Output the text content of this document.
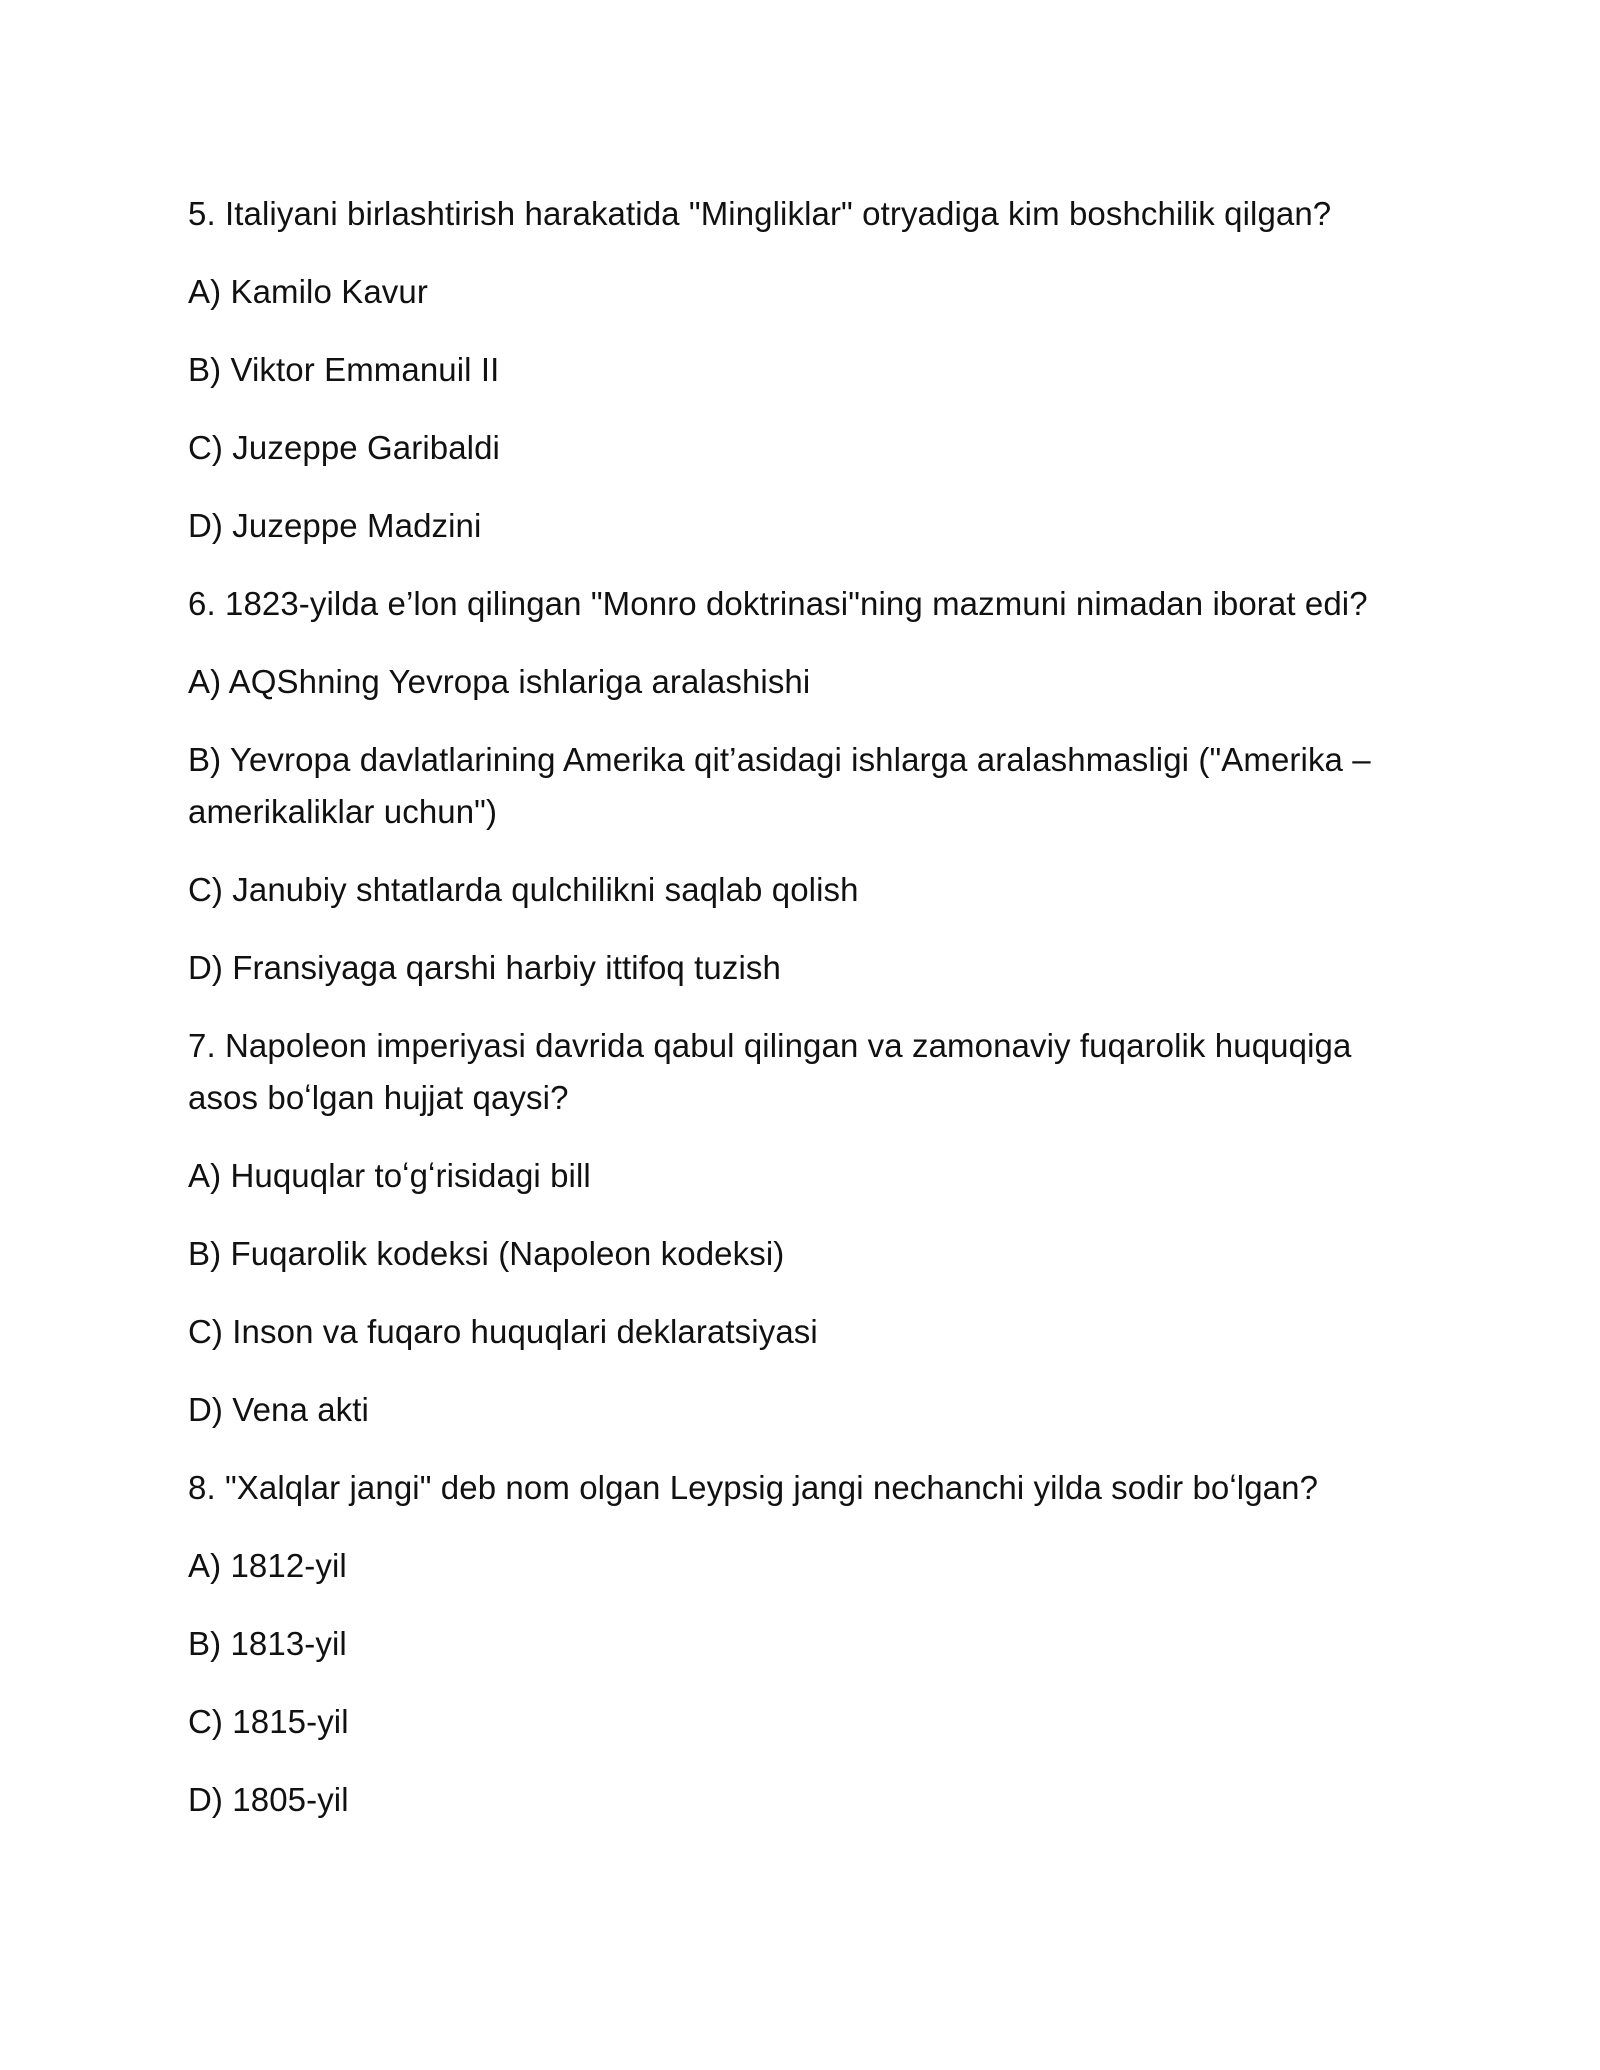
5. Italiyani birlashtirish harakatida "Mingliklar" otryadiga kim boshchilik qilgan?

A) Kamilo Kavur

B) Viktor Emmanuil II

C) Juzeppe Garibaldi

D) Juzeppe Madzini

6. 1823-yilda e’lon qilingan "Monro doktrinasi"ning mazmuni nimadan iborat edi?

A) AQShning Yevropa ishlariga aralashishi

B) Yevropa davlatlarining Amerika qit’asidagi ishlarga aralashmasligi ("Amerika – amerikaliklar uchun")

C) Janubiy shtatlarda qulchilikni saqlab qolish

D) Fransiyaga qarshi harbiy ittifoq tuzish

7. Napoleon imperiyasi davrida qabul qilingan va zamonaviy fuqarolik huquqiga asos boʻlgan hujjat qaysi?

A) Huquqlar toʻgʻrisidagi bill

B) Fuqarolik kodeksi (Napoleon kodeksi)

C) Inson va fuqaro huquqlari deklaratsiyasi

D) Vena akti

8. "Xalqlar jangi" deb nom olgan Leypsig jangi nechanchi yilda sodir boʻlgan?

A) 1812-yil

B) 1813-yil

C) 1815-yil

D) 1805-yil
